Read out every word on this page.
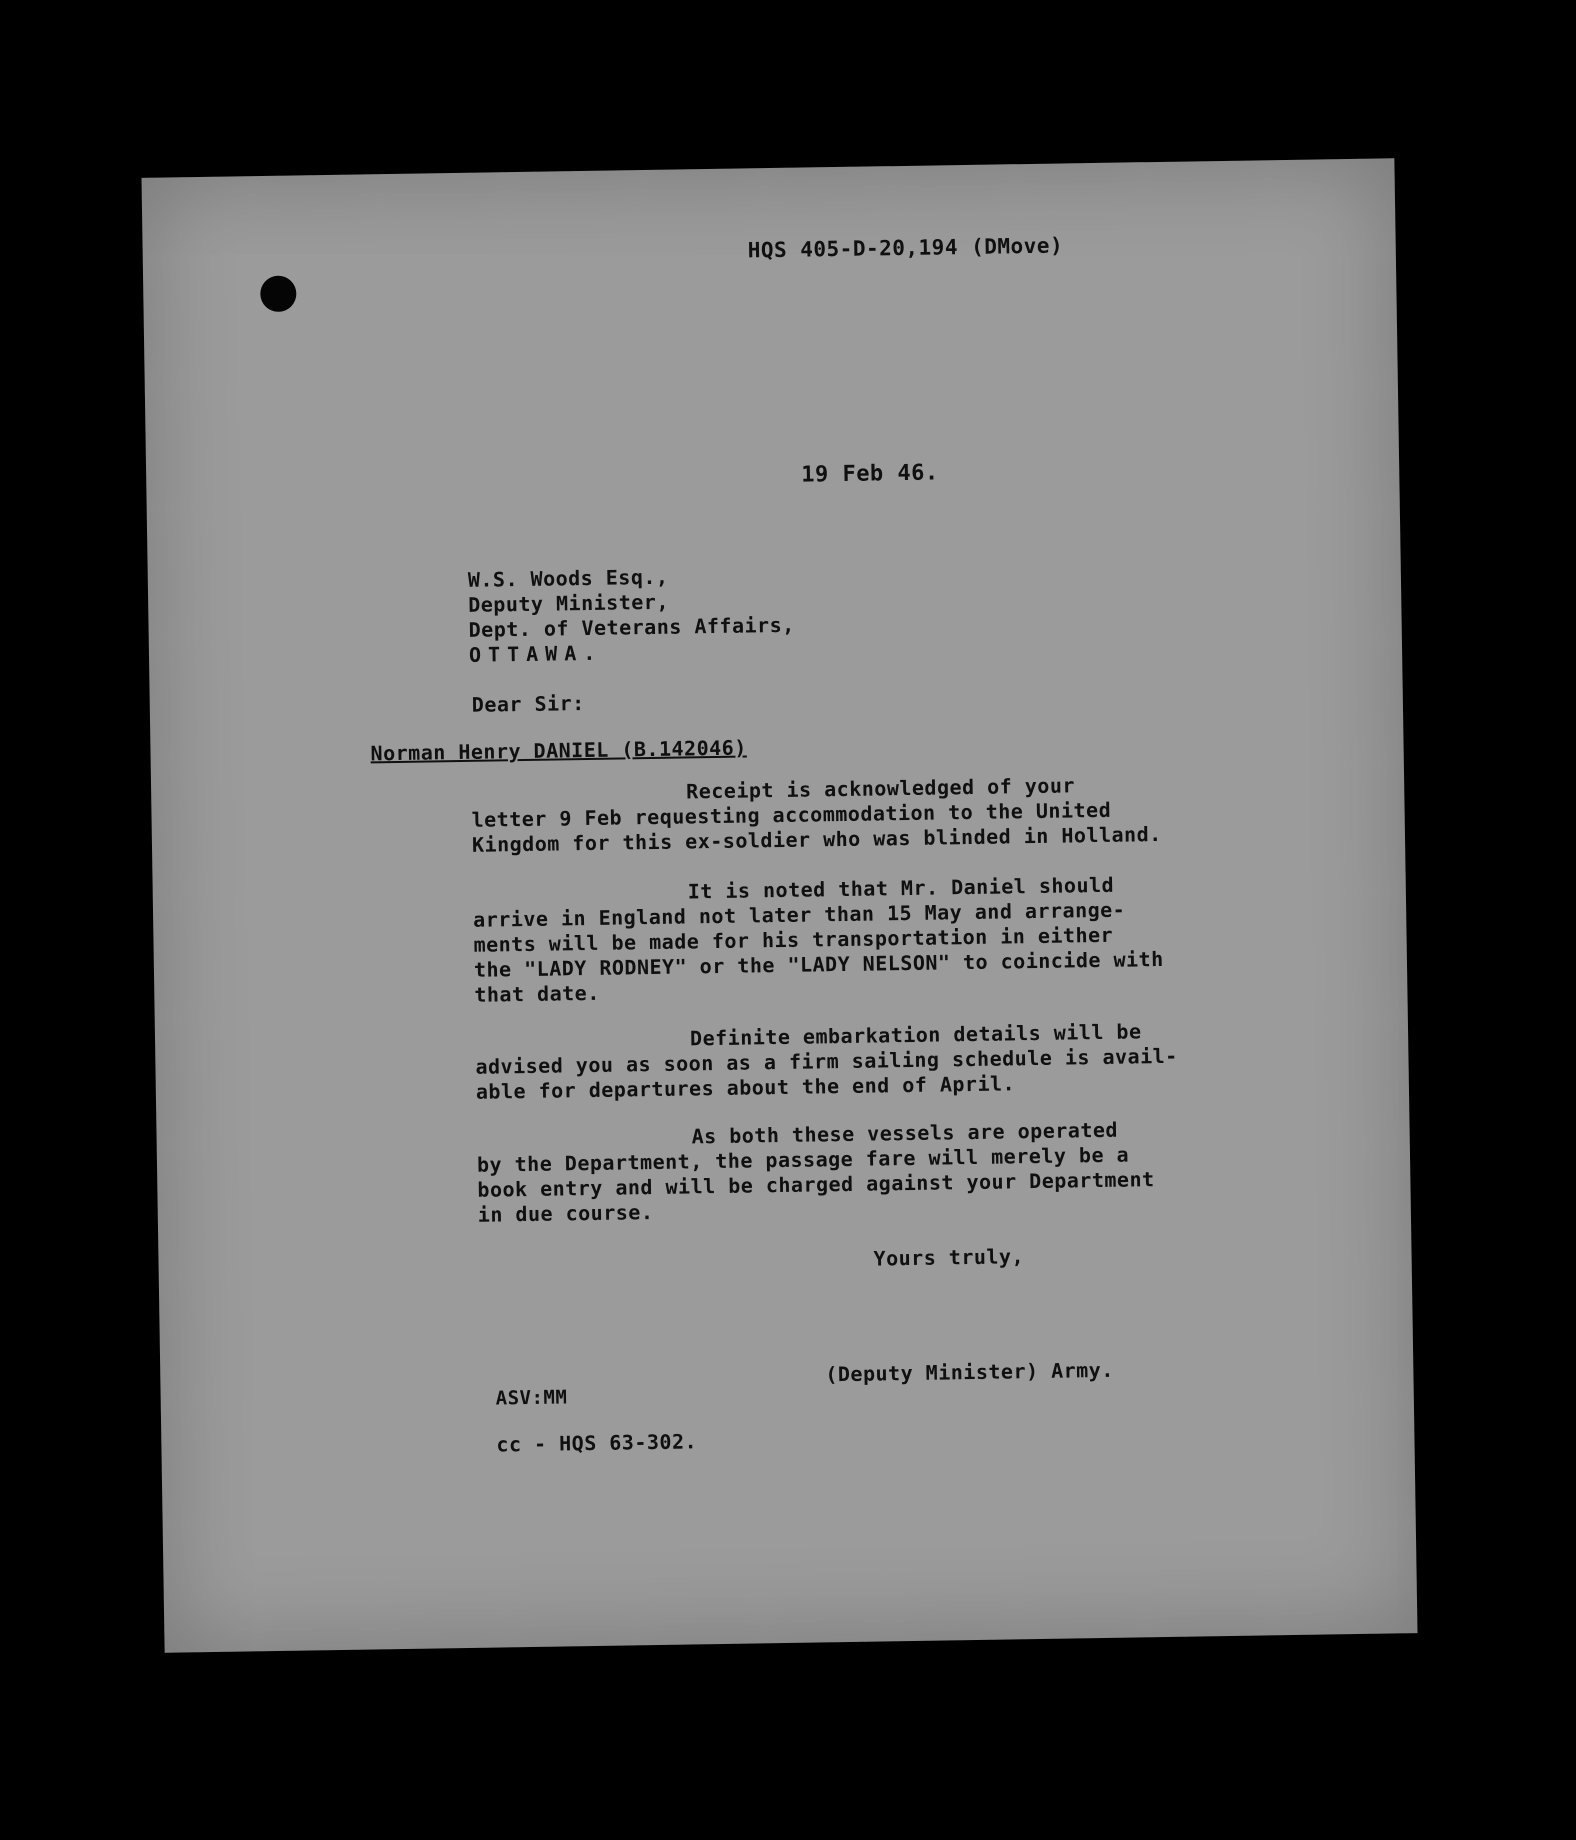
HQS 405-D-20,194 (DMove)
19 Feb 46.
W.S. Woods Esq.,
Deputy Minister,
Dept. of Veterans Affairs,
OTTAWA.
Dear Sir:
Norman Henry DANIEL (B.142046)
Receipt is acknowledged of your
letter 9 Feb requesting accommodation to the United
Kingdom for this ex-soldier who was blinded in Holland.
It is noted that Mr. Daniel should
arrive in England not later than 15 May and arrange-
ments will be made for his transportation in either
the "LADY RODNEY" or the "LADY NELSON" to coincide with
that date.
Definite embarkation details will be
advised you as soon as a firm sailing schedule is avail-
able for departures about the end of April.
As both these vessels are operated
by the Department, the passage fare will merely be a
book entry and will be charged against your Department
in due course.
Yours truly,
(Deputy Minister) Army.
ASV:MM
cc - HQS 63-302.
